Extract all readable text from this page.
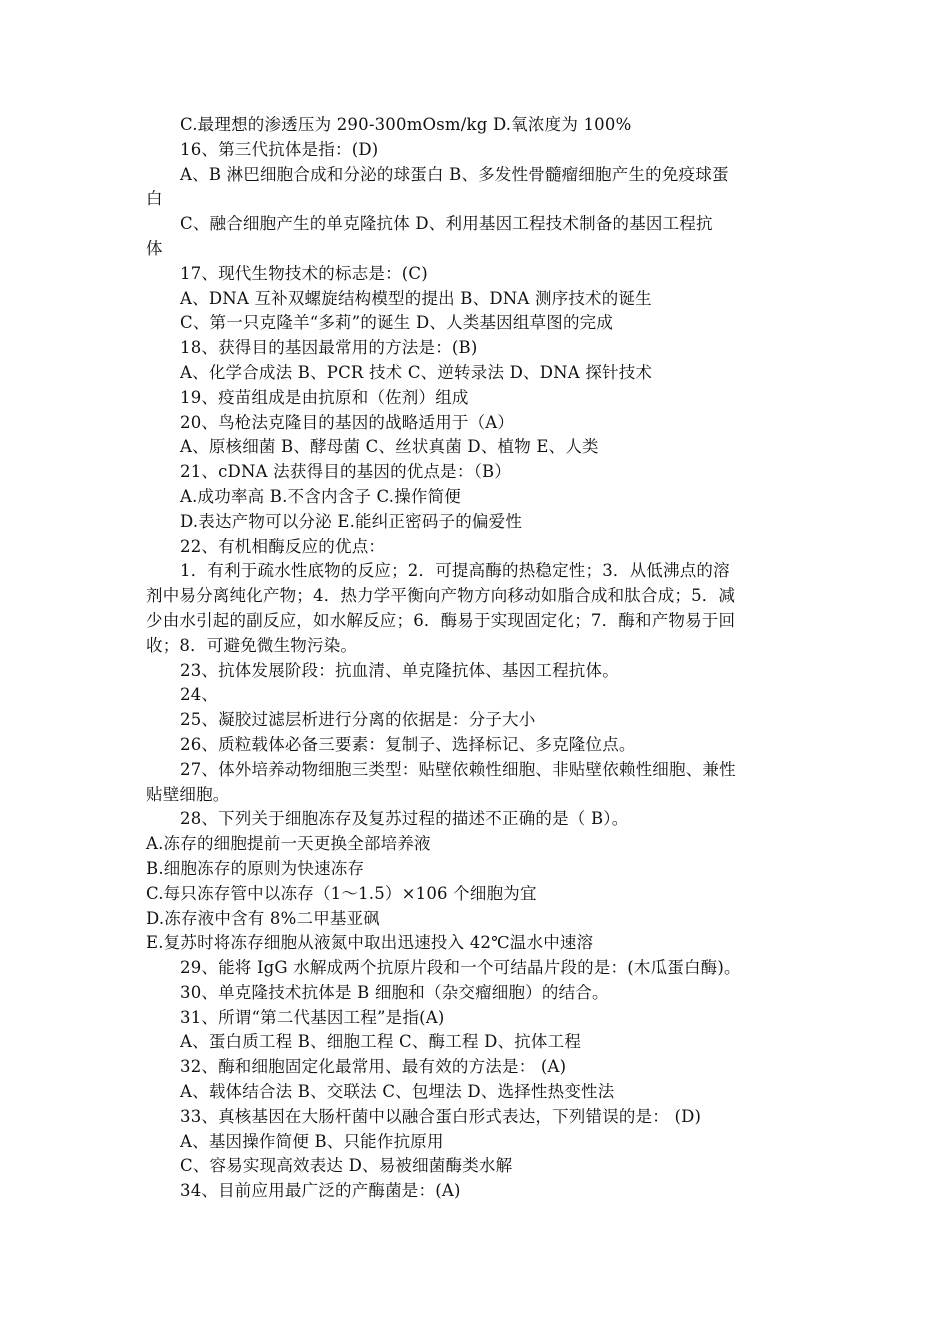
C.最理想的渗透压为 290-300mOsm/kg D.氧浓度为 100%
16、第三代抗体是指：(D)
A、B 淋巴细胞合成和分泌的球蛋白 B、多发性骨髓瘤细胞产生的免疫球蛋
白
C、融合细胞产生的单克隆抗体 D、利用基因工程技术制备的基因工程抗
体
17、现代生物技术的标志是：(C)
A、DNA 互补双螺旋结构模型的提出 B、DNA 测序技术的诞生
C、第一只克隆羊“多莉”的诞生 D、人类基因组草图的完成
18、获得目的基因最常用的方法是：(B)
A、化学合成法 B、PCR 技术 C、逆转录法 D、DNA 探针技术
19、疫苗组成是由抗原和（佐剂）组成
20、鸟枪法克隆目的基因的战略适用于（A）
A、原核细菌 B、酵母菌 C、丝状真菌 D、植物 E、人类
21、cDNA 法获得目的基因的优点是：（B）
A.成功率高 B.不含内含子 C.操作简便
D.表达产物可以分泌 E.能纠正密码子的偏爱性
22、有机相酶反应的优点：
1．有利于疏水性底物的反应；2．可提高酶的热稳定性；3．从低沸点的溶
剂中易分离纯化产物；4．热力学平衡向产物方向移动如脂合成和肽合成；5．减
少由水引起的副反应，如水解反应；6．酶易于实现固定化；7．酶和产物易于回
收；8．可避免微生物污染。
23、抗体发展阶段：抗血清、单克隆抗体、基因工程抗体。
24、
25、凝胶过滤层析进行分离的依据是：分子大小
26、质粒载体必备三要素：复制子、选择标记、多克隆位点。
27、体外培养动物细胞三类型：贴壁依赖性细胞、非贴壁依赖性细胞、兼性
贴壁细胞。
28、下列关于细胞冻存及复苏过程的描述不正确的是（ B）。
A.冻存的细胞提前一天更换全部培养液
B.细胞冻存的原则为快速冻存
C.每只冻存管中以冻存（1～1.5）×106 个细胞为宜
D.冻存液中含有 8%二甲基亚砜
E.复苏时将冻存细胞从液氮中取出迅速投入 42℃温水中速溶
29、能将 IgG 水解成两个抗原片段和一个可结晶片段的是：(木瓜蛋白酶)。
30、单克隆技术抗体是 B 细胞和（杂交瘤细胞）的结合。
31、所谓“第二代基因工程”是指(A)
A、蛋白质工程 B、细胞工程 C、酶工程 D、抗体工程
32、酶和细胞固定化最常用、最有效的方法是： (A)
A、载体结合法 B、交联法 C、包埋法 D、选择性热变性法
33、真核基因在大肠杆菌中以融合蛋白形式表达，下列错误的是： (D)
A、基因操作简便 B、只能作抗原用
C、容易实现高效表达 D、易被细菌酶类水解
34、目前应用最广泛的产酶菌是：(A)
